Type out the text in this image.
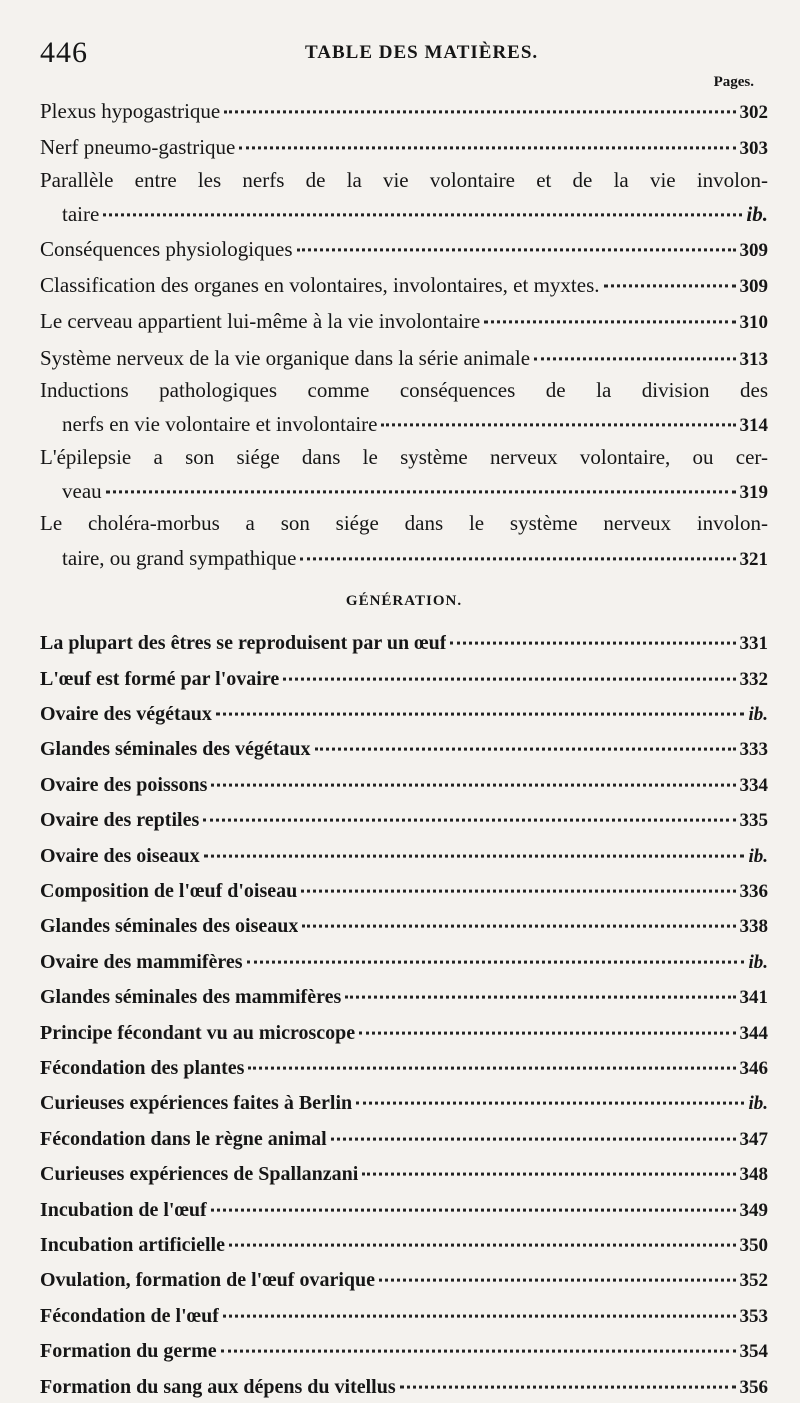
446	TABLE DES MATIÈRES.
Pages.
Plexus hypogastrique	302
Nerf pneumo-gastrique	303
Parallèle entre les nerfs de la vie volontaire et de la vie involon-
taire	ib.
Conséquences physiologiques	309
Classification des organes en volontaires, involontaires, et myxtes.	309
Le cerveau appartient lui-même à la vie involontaire	310
Système nerveux de la vie organique dans la série animale	313
Inductions pathologiques comme conséquences de la division des
nerfs en vie volontaire et involontaire	314
L'épilepsie a son siége dans le système nerveux volontaire, ou cer-
veau	319
Le choléra-morbus a son siége dans le système nerveux involon-
taire, ou grand sympathique	321
GÉNÉRATION.
La plupart des êtres se reproduisent par un œuf	331
L'œuf est formé par l'ovaire	332
Ovaire des végétaux	ib.
Glandes séminales des végétaux	333
Ovaire des poissons	334
Ovaire des reptiles	335
Ovaire des oiseaux	ib.
Composition de l'œuf d'oiseau	336
Glandes séminales des oiseaux	338
Ovaire des mammifères	ib.
Glandes séminales des mammifères	341
Principe fécondant vu au microscope	344
Fécondation des plantes	346
Curieuses expériences faites à Berlin	ib.
Fécondation dans le règne animal	347
Curieuses expériences de Spallanzani	348
Incubation de l'œuf	349
Incubation artificielle	350
Ovulation, formation de l'œuf ovarique	352
Fécondation de l'œuf	353
Formation du germe	354
Formation du sang aux dépens du vitellus	356
